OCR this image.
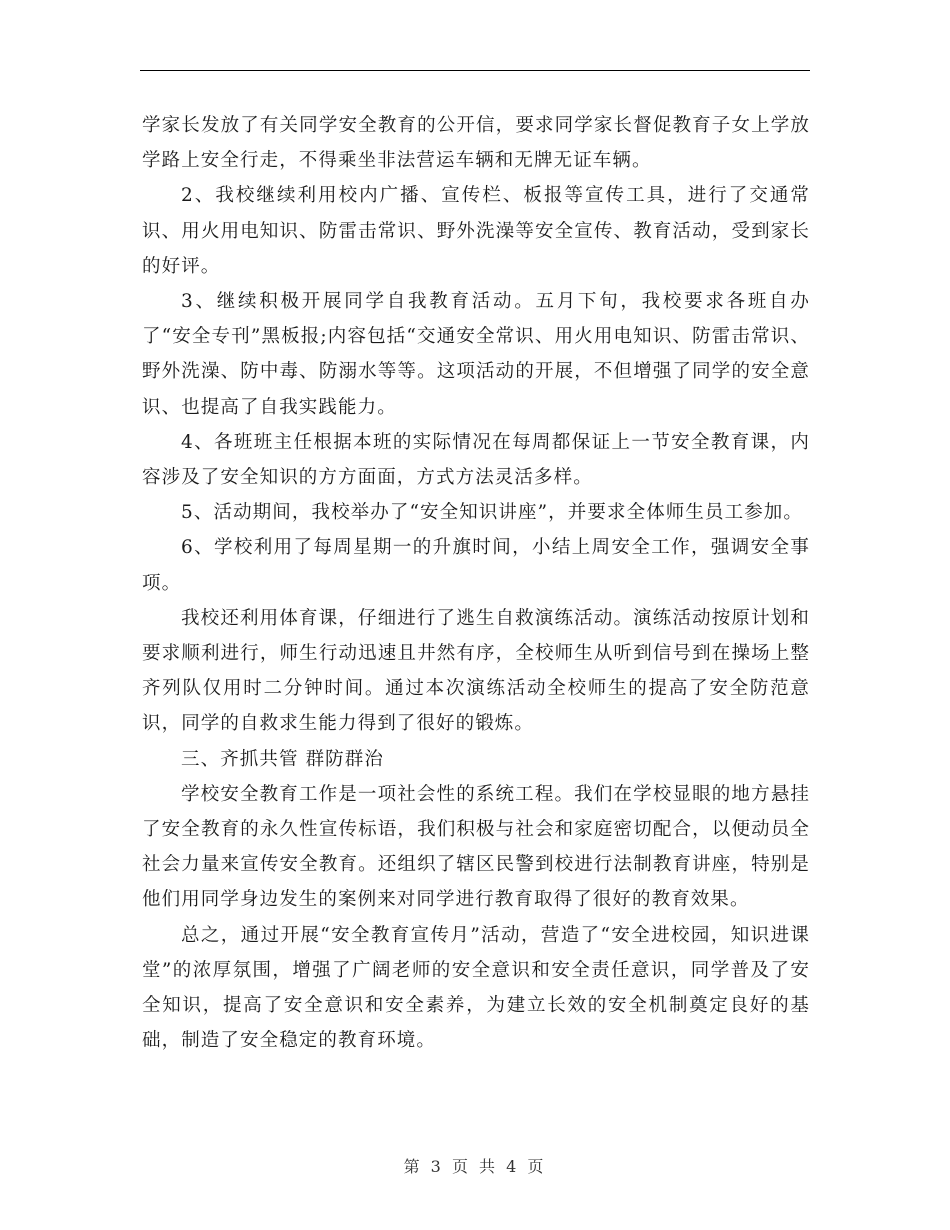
学家长发放了有关同学安全教育的公开信，要求同学家长督促教育子女上学放学路上安全行走，不得乘坐非法营运车辆和无牌无证车辆。

2、我校继续利用校内广播、宣传栏、板报等宣传工具，进行了交通常识、用火用电知识、防雷击常识、野外洗澡等安全宣传、教育活动，受到家长的好评。

3、继续积极开展同学自我教育活动。五月下旬，我校要求各班自办了“安全专刊”黑板报;内容包括“交通安全常识、用火用电知识、防雷击常识、野外洗澡、防中毒、防溺水等等。这项活动的开展，不但增强了同学的安全意识、也提高了自我实践能力。

4、各班班主任根据本班的实际情况在每周都保证上一节安全教育课，内容涉及了安全知识的方方面面，方式方法灵活多样。

5、活动期间，我校举办了“安全知识讲座”，并要求全体师生员工参加。

6、学校利用了每周星期一的升旗时间，小结上周安全工作，强调安全事项。

我校还利用体育课，仔细进行了逃生自救演练活动。演练活动按原计划和要求顺利进行，师生行动迅速且井然有序，全校师生从听到信号到在操场上整齐列队仅用时二分钟时间。通过本次演练活动全校师生的提高了安全防范意识，同学的自救求生能力得到了很好的锻炼。

三、齐抓共管 群防群治

学校安全教育工作是一项社会性的系统工程。我们在学校显眼的地方悬挂了安全教育的永久性宣传标语，我们积极与社会和家庭密切配合，以便动员全社会力量来宣传安全教育。还组织了辖区民警到校进行法制教育讲座，特别是他们用同学身边发生的案例来对同学进行教育取得了很好的教育效果。

总之，通过开展“安全教育宣传月”活动，营造了“安全进校园，知识进课堂”的浓厚氛围，增强了广阔老师的安全意识和安全责任意识，同学普及了安全知识，提高了安全意识和安全素养，为建立长效的安全机制奠定良好的基础，制造了安全稳定的教育环境。

第 3 页 共 4 页
